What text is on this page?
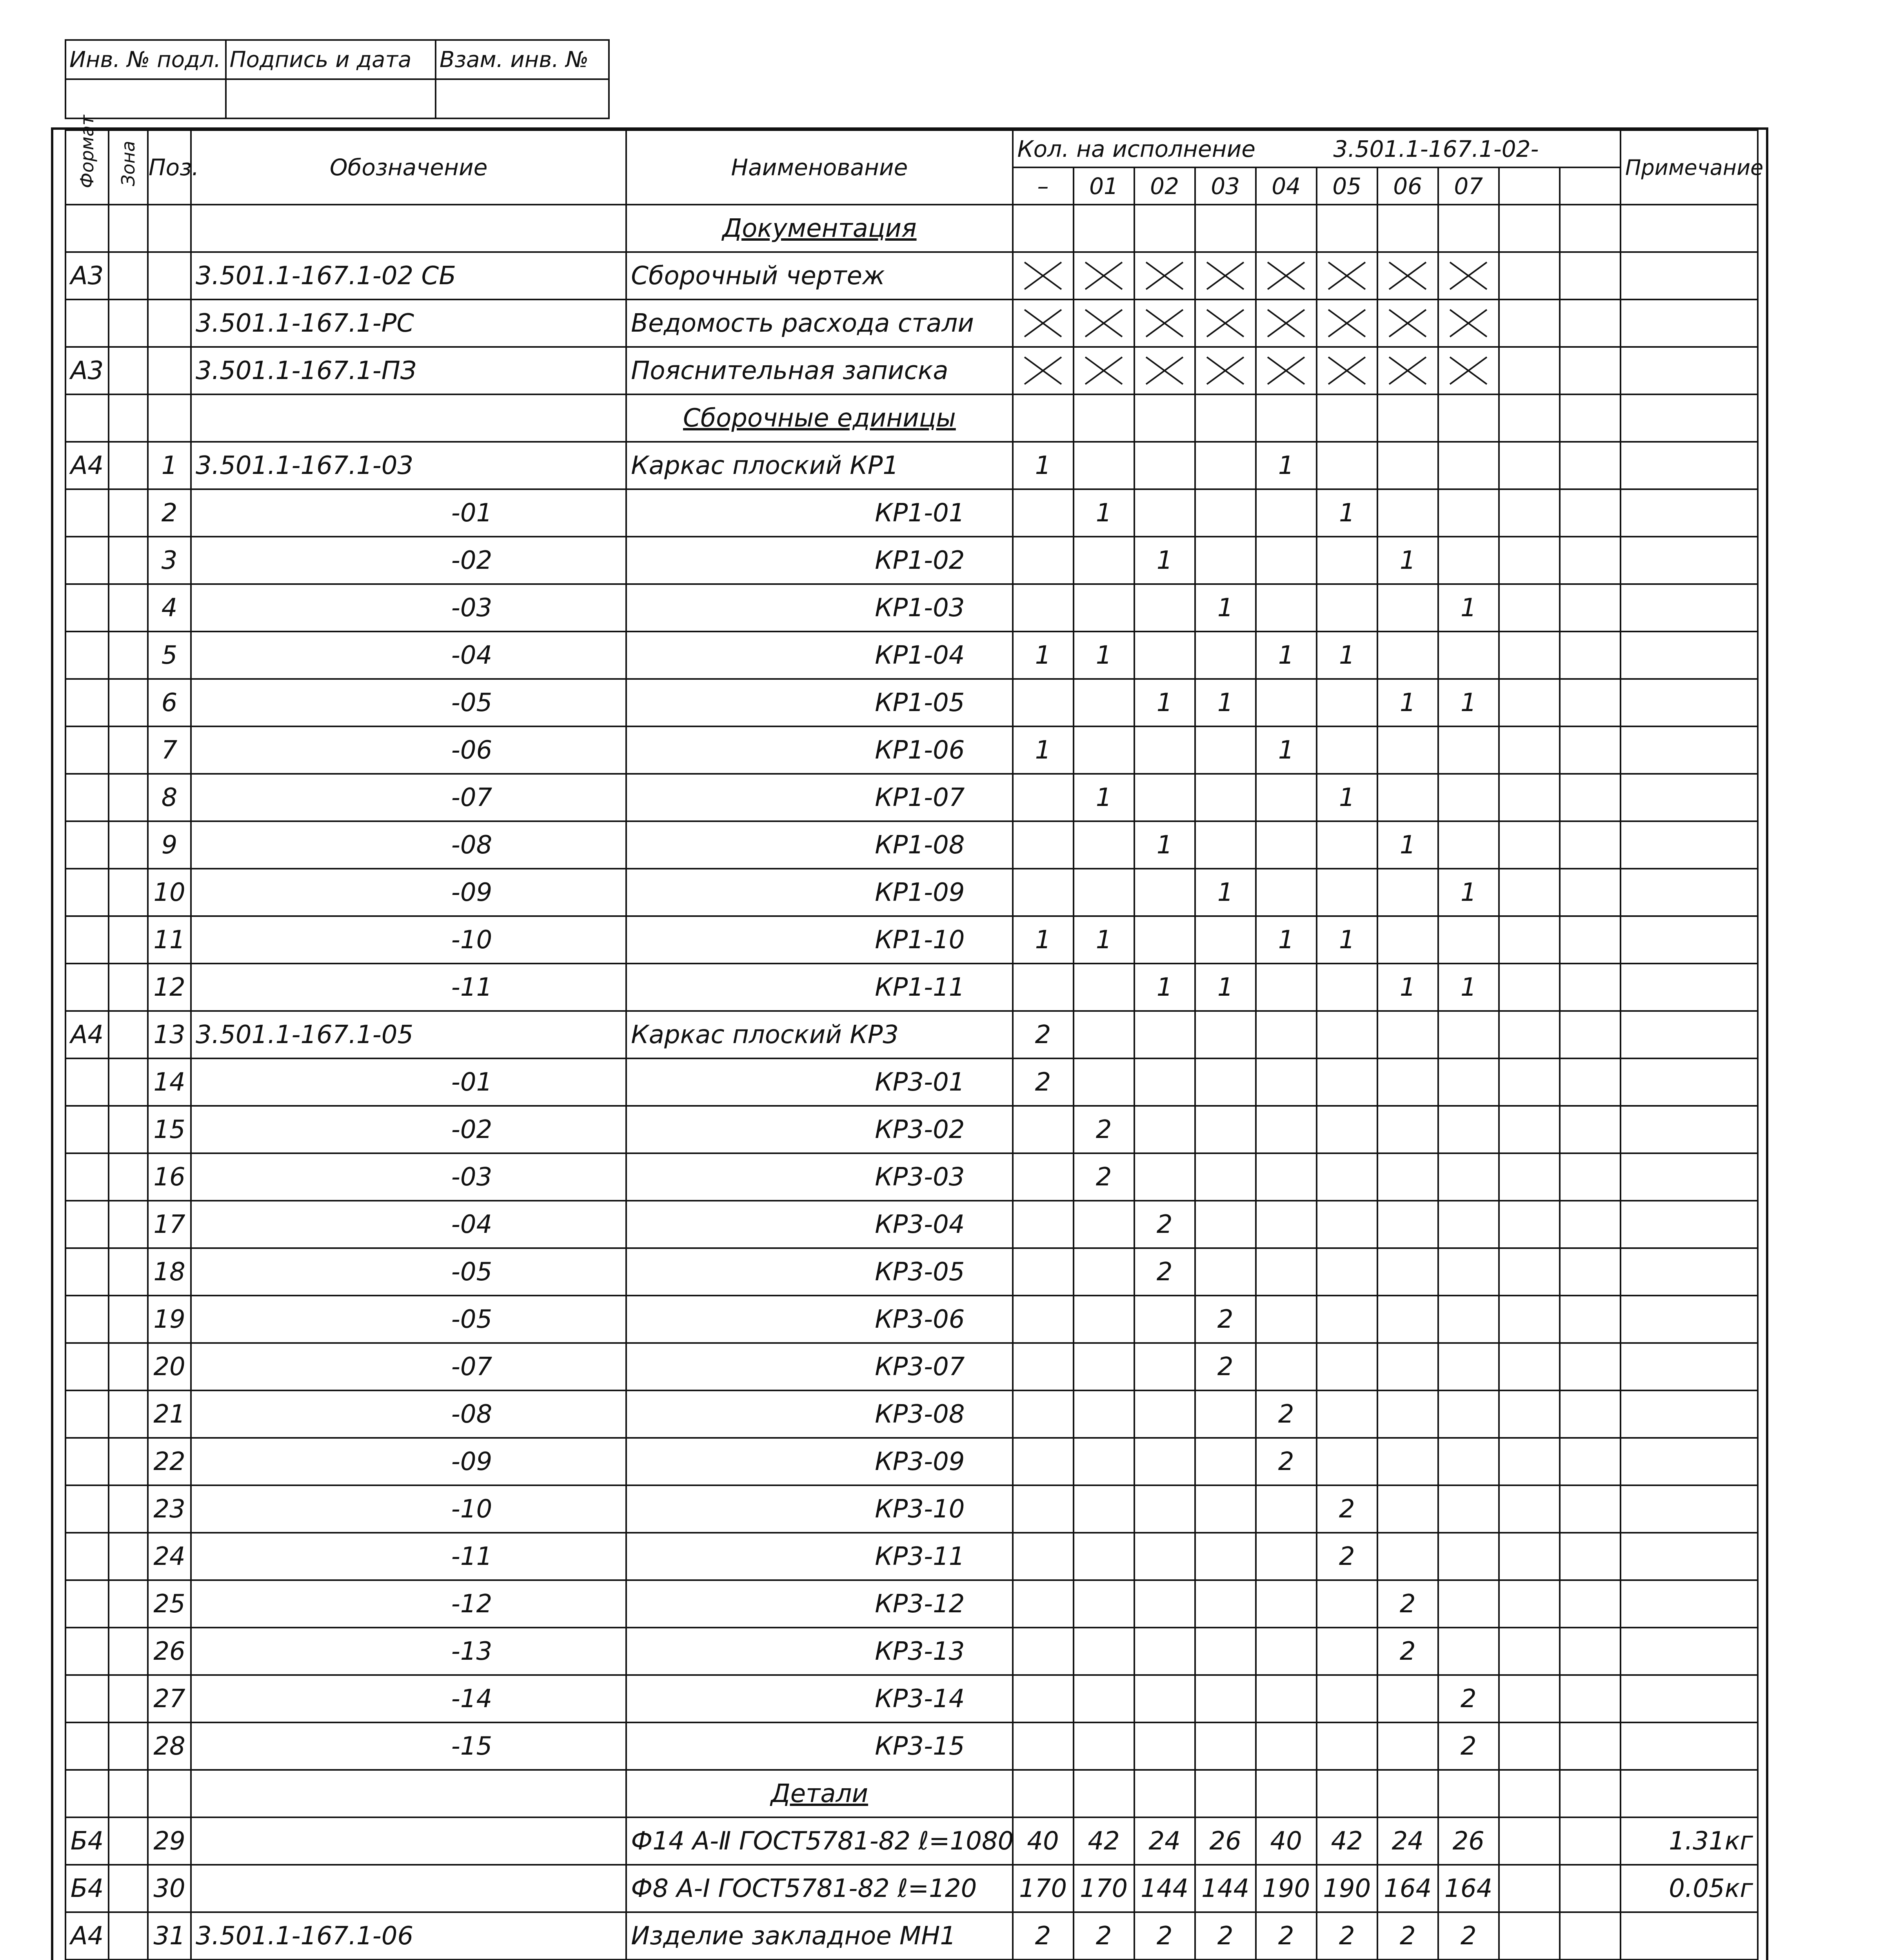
Инв. № подл.	Подпись и дата	Взам. инв. №

Формат	Зона	Поз.	Обозначение	Наименование	Кол. на исполнение 3.501.1-167.1-02-										Примечание
					–	01	02	03	04	05	06	07			
				Документация											
А3			3.501.1-167.1-02 СБ	Сборочный чертеж	

			3.501.1-167.1-РС	Ведомость расхода стали	

А3			3.501.1-167.1-ПЗ	Пояснительная записка	

				Сборочные единицы											
А4		1	3.501.1-167.1-03	Каркас плоский КР1	1				1						
		2	-01	КР1-01		1				1					
		3	-02	КР1-02			1				1				
		4	-03	КР1-03				1				1			
		5	-04	КР1-04	1	1			1	1					
		6	-05	КР1-05			1	1			1	1			
		7	-06	КР1-06	1				1						
		8	-07	КР1-07		1				1					
		9	-08	КР1-08			1				1				
		10	-09	КР1-09				1				1			
		11	-10	КР1-10	1	1			1	1					
		12	-11	КР1-11			1	1			1	1			
А4		13	3.501.1-167.1-05	Каркас плоский КР3	2										
		14	-01	КР3-01	2										
		15	-02	КР3-02		2									
		16	-03	КР3-03		2									
		17	-04	КР3-04			2								
		18	-05	КР3-05			2								
		19	-05	КР3-06				2							
		20	-07	КР3-07				2							
		21	-08	КР3-08					2						
		22	-09	КР3-09					2						
		23	-10	КР3-10						2					
		24	-11	КР3-11						2					
		25	-12	КР3-12							2				
		26	-13	КР3-13							2				
		27	-14	КР3-14								2			
		28	-15	КР3-15								2			
				Детали											
Б4		29		Ф14 А-Ⅱ ГОСТ5781-82 ℓ=1080	40	42	24	26	40	42	24	26			1.31кг
Б4		30		Ф8 А-Ⅰ ГОСТ5781-82 ℓ=120	170	170	144	144	190	190	164	164			0.05кг
А4		31	3.501.1-167.1-06	Изделие закладное МН1	2	2	2	2	2	2	2	2			
